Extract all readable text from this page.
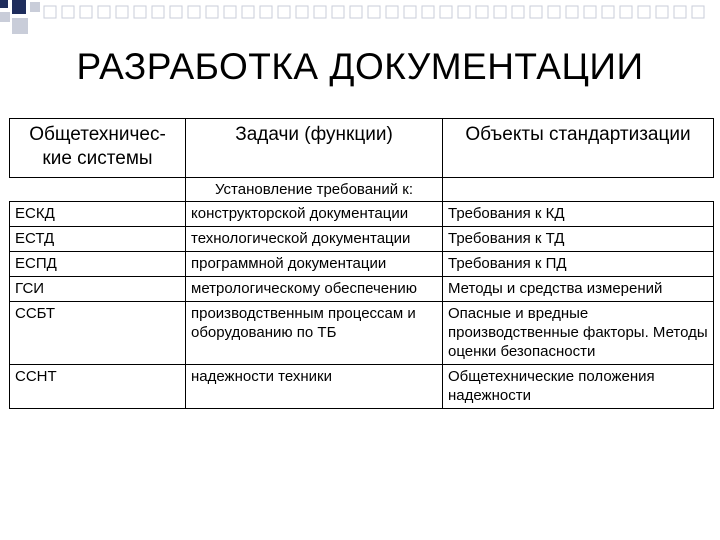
РАЗРАБОТКА ДОКУМЕНТАЦИИ
Общетехничес- кие системы	Задачи (функции)	Объекты стандартизации
	Установление требований к:	
ЕСКД	конструкторской документации	Требования к КД
ЕСТД	технологической документации	Требования к ТД
ЕСПД	программной документации	Требования к ПД
ГСИ	метрологическому обеспечению	Методы и средства измерений
ССБТ	производственным процессам и оборудованию по ТБ	Опасные и вредные производственные факторы. Методы оценки безопасности
ССНТ	надежности техники	Общетехнические положения надежности
